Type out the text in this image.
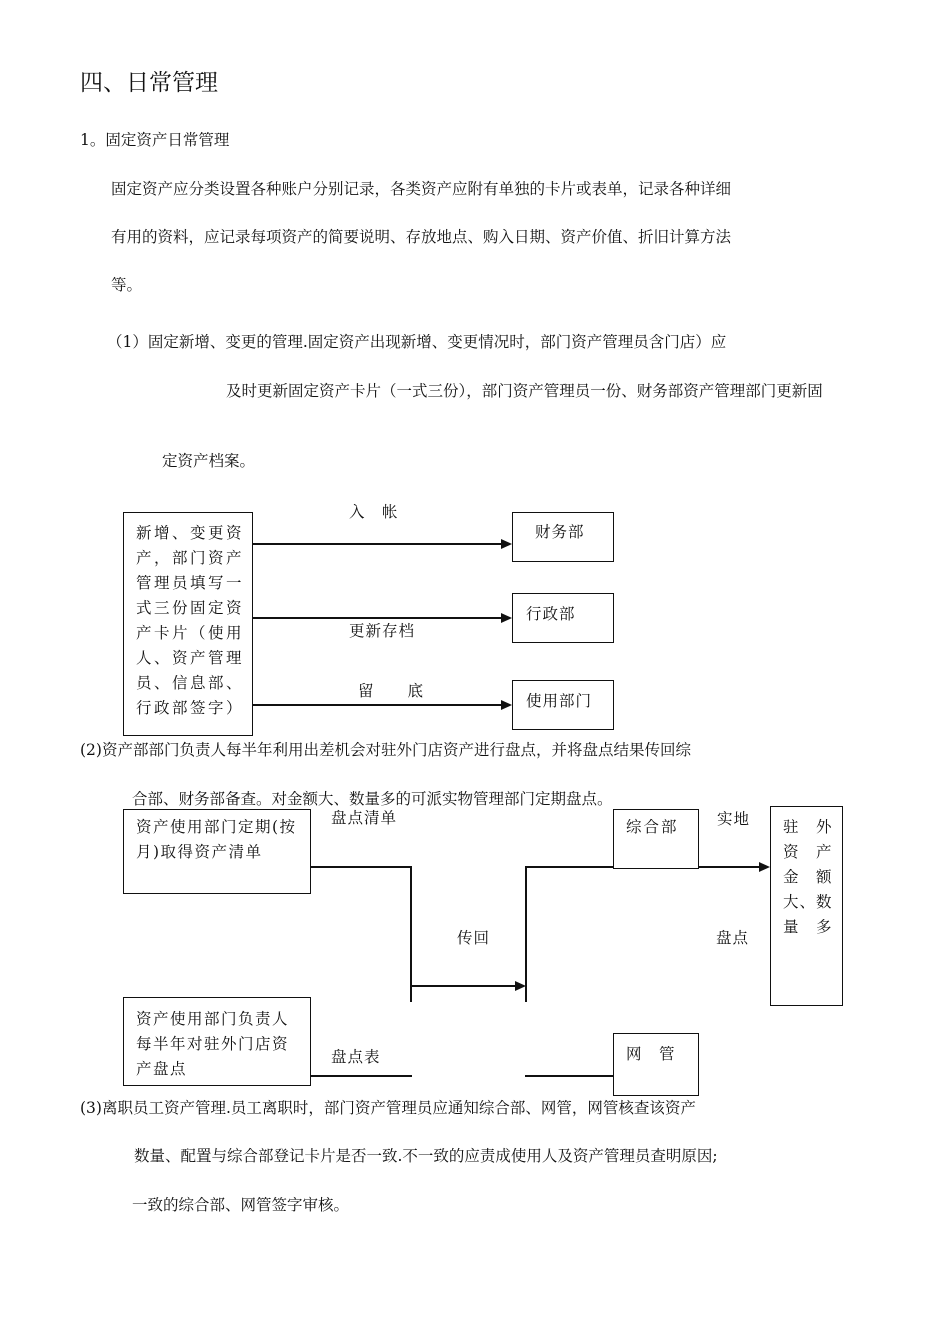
四、日常管理
1。固定资产日常管理
固定资产应分类设置各种账户分别记录，各类资产应附有单独的卡片或表单，记录各种详细
有用的资料，应记录每项资产的简要说明、存放地点、购入日期、资产价值、折旧计算方法
等。
（1）固定新增、变更的管理.固定资产出现新增、变更情况时，部门资产管理员含门店）应
及时更新固定资产卡片（一式三份），部门资产管理员一份、财务部资产管理部门更新固
定资产档案。
新增、变更资
产，部门资产
管理员填写一
式三份固定资
产卡片（使用
人、资产管理
员、信息部、
行政部签字）
入　帐
财务部
更新存档
行政部
留　　底
使用部门
(2)资产部部门负责人每半年利用出差机会对驻外门店资产进行盘点，并将盘点结果传回综
合部、财务部备查。对金额大、数量多的可派实物管理部门定期盘点。
资产使用部门定期(按
月)取得资产清单
盘点清单
传回
综合部 实地
盘点
驻　外
资　产
金　额
大、数
量　多
资产使用部门负责人
每半年对驻外门店资
产盘点
盘点表	网　管
(3)离职员工资产管理.员工离职时，部门资产管理员应通知综合部、网管，网管核查该资产
数量、配置与综合部登记卡片是否一致.不一致的应责成使用人及资产管理员查明原因;
一致的综合部、网管签字审核。
